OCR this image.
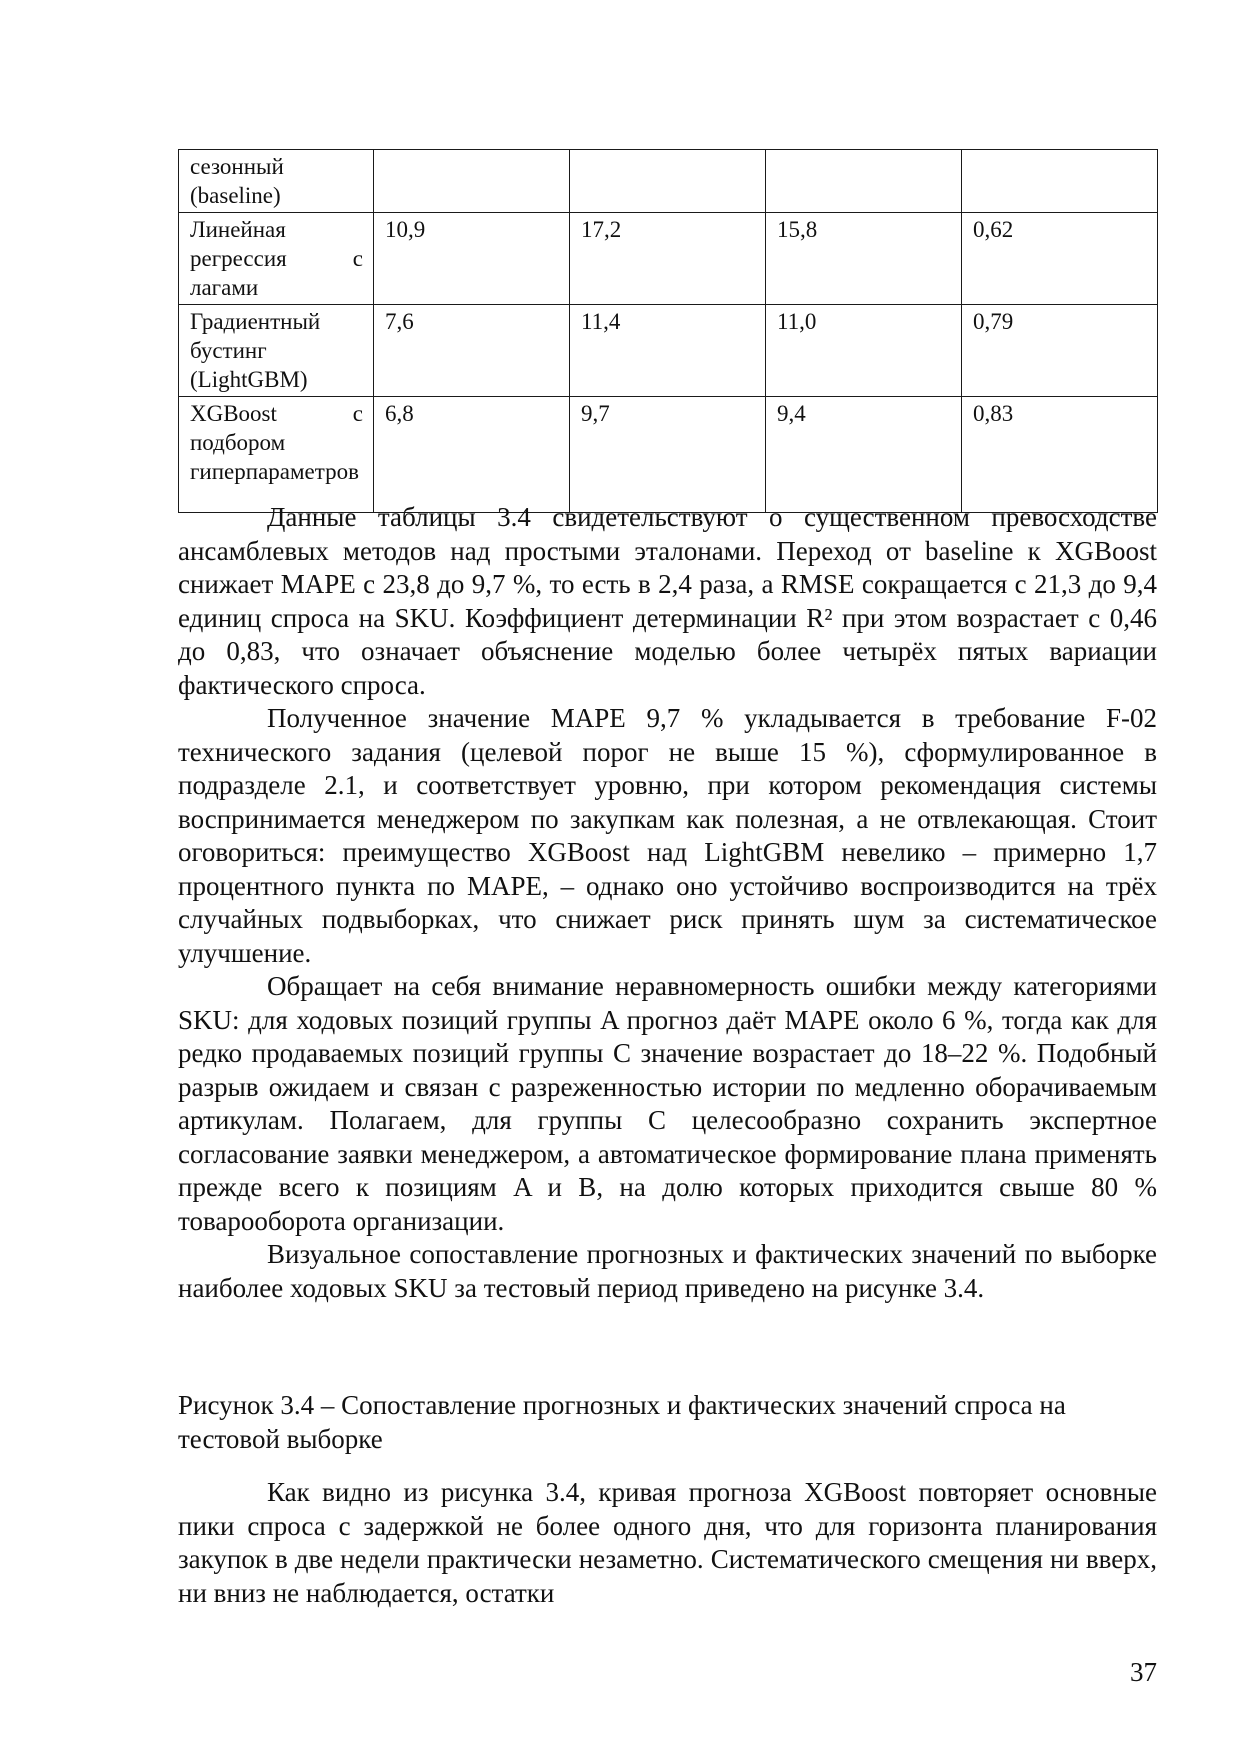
сезонный (baseline)				
Линейная регрессия с лагами	10,9	17,2	15,8	0,62
Градиентный бустинг (LightGBM)	7,6	11,4	11,0	0,79
XGBoost с подбором гиперпараметров	6,8	9,7	9,4	0,83

Данные таблицы 3.4 свидетельствуют о существенном превосходстве ансамблевых методов над простыми эталонами. Переход от baseline к XGBoost снижает MAPE с 23,8 до 9,7 %, то есть в 2,4 раза, а RMSE сокращается с 21,3 до 9,4 единиц спроса на SKU. Коэффициент детерминации R² при этом возрастает с 0,46 до 0,83, что означает объяснение моделью более четырёх пятых вариации фактического спроса.

Полученное значение MAPE 9,7 % укладывается в требование F-02 технического задания (целевой порог не выше 15 %), сформулированное в подразделе 2.1, и соответствует уровню, при котором рекомендация системы воспринимается менеджером по закупкам как полезная, а не отвлекающая. Стоит оговориться: преимущество XGBoost над LightGBM невелико – примерно 1,7 процентного пункта по MAPE, – однако оно устойчиво воспроизводится на трёх случайных подвыборках, что снижает риск принять шум за систематическое улучшение.

Обращает на себя внимание неравномерность ошибки между категориями SKU: для ходовых позиций группы A прогноз даёт MAPE около 6 %, тогда как для редко продаваемых позиций группы C значение возрастает до 18–22 %. Подобный разрыв ожидаем и связан с разреженностью истории по медленно оборачиваемым артикулам. Полагаем, для группы C целесообразно сохранить экспертное согласование заявки менеджером, а автоматическое формирование плана применять прежде всего к позициям A и B, на долю которых приходится свыше 80 % товарооборота организации.

Визуальное сопоставление прогнозных и фактических значений по выборке наиболее ходовых SKU за тестовый период приведено на рисунке 3.4.

Рисунок 3.4 – Сопоставление прогнозных и фактических значений спроса на тестовой выборке

Как видно из рисунка 3.4, кривая прогноза XGBoost повторяет основные пики спроса с задержкой не более одного дня, что для горизонта планирования закупок в две недели практически незаметно. Систематического смещения ни вверх, ни вниз не наблюдается, остатки

37
